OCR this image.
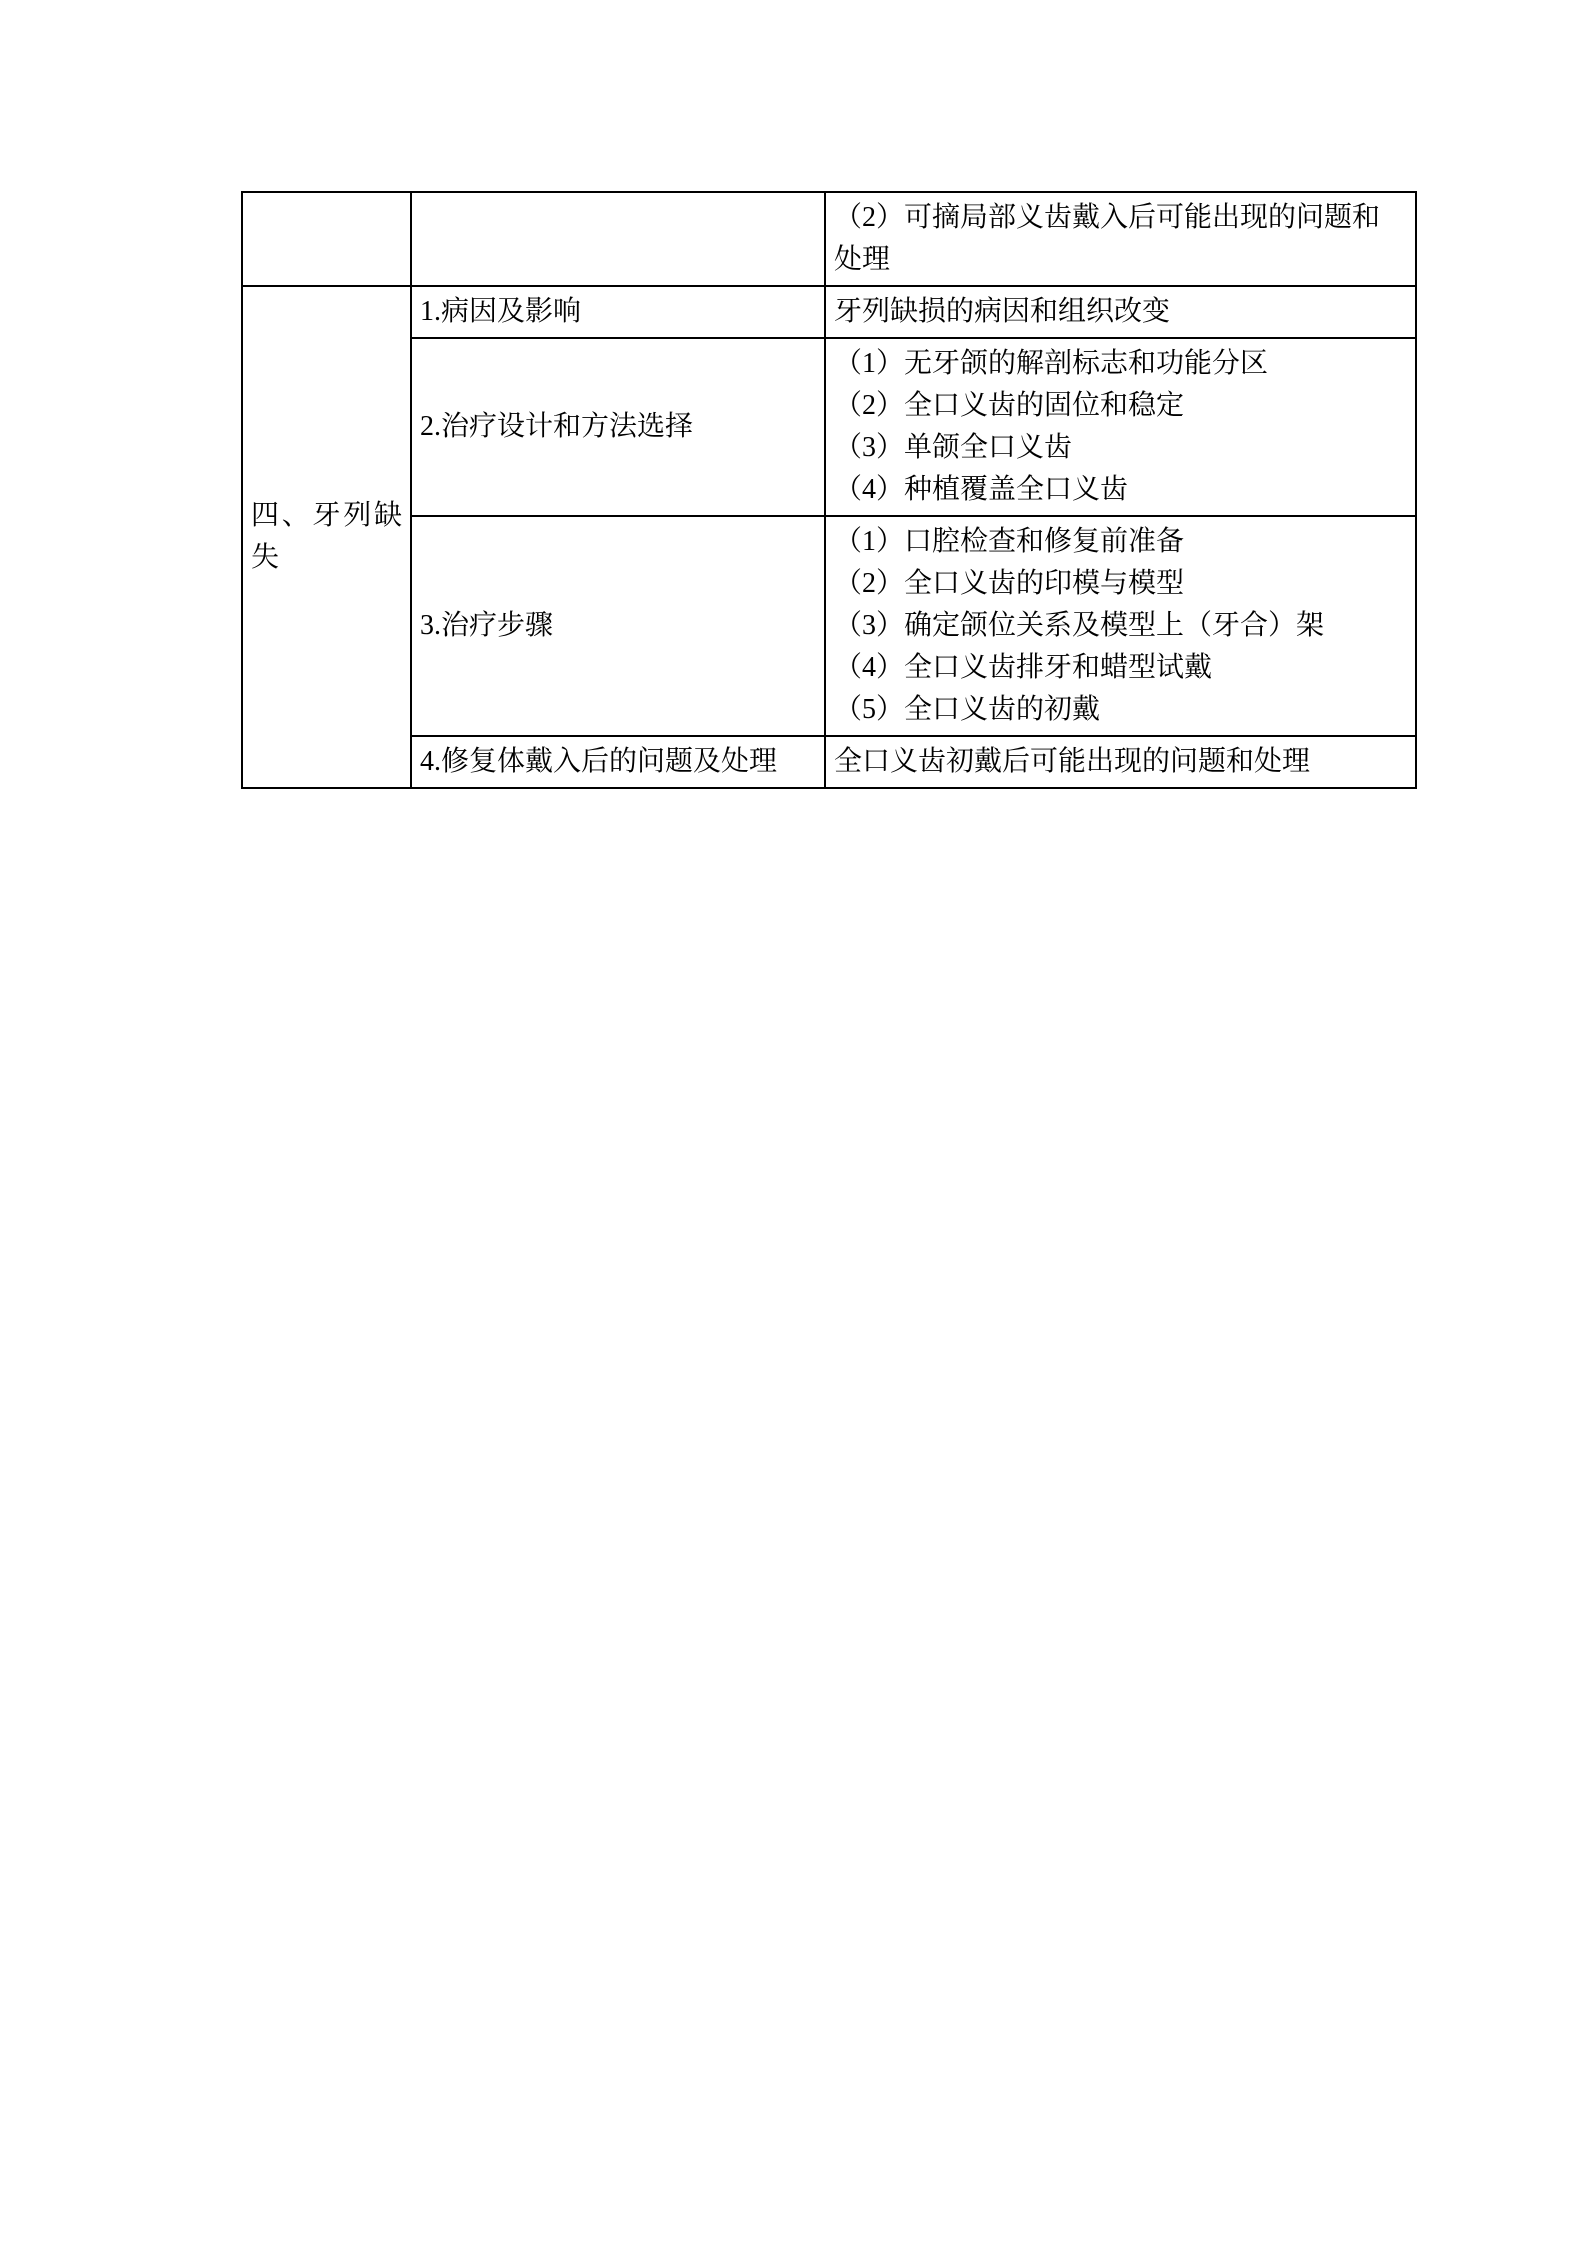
		（2）可摘局部义齿戴入后可能出现的问题和处理

四、牙列缺失	1.病因及影响	牙列缺损的病因和组织改变

	2.治疗设计和方法选择	（1）无牙颌的解剖标志和功能分区
（2）全口义齿的固位和稳定
（3）单颌全口义齿
（4）种植覆盖全口义齿

	3.治疗步骤	（1）口腔检查和修复前准备
（2）全口义齿的印模与模型
（3）确定颌位关系及模型上（牙合）架
（4）全口义齿排牙和蜡型试戴
（5）全口义齿的初戴

	4.修复体戴入后的问题及处理	全口义齿初戴后可能出现的问题和处理
